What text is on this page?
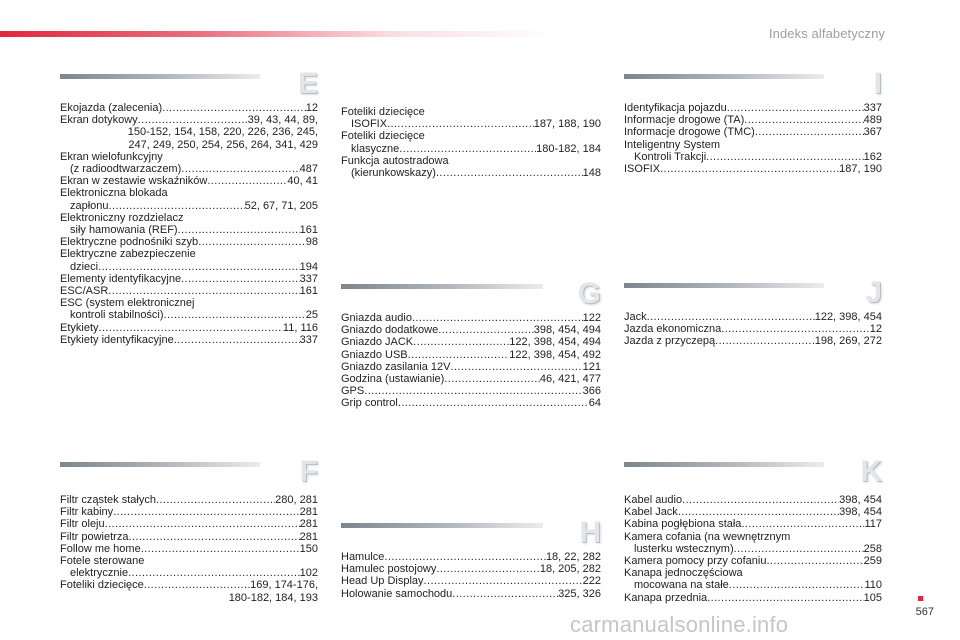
Indeks alfabetyczny
E
Ekojazda (zalecenia) .....	12
Ekran dotykowy .....	39, 43, 44, 89,
150-152, 154, 158, 220, 226, 236, 245,
247, 249, 250, 254, 256, 264, 341, 429
Ekran wielofunkcyjny
(z radioodtwarzaczem) .....	487
Ekran w zestawie wskaźników .....	40, 41
Elektroniczna blokada
zapłonu .....	52, 67, 71, 205
Elektroniczny rozdzielacz
siły hamowania (REF) .....	161
Elektryczne podnośniki szyb .....	98
Elektryczne zabezpieczenie
dzieci .....	194
Elementy identyfikacyjne .....	337
ESC/ASR .....	161
ESC (system elektronicznej
kontroli stabilności) .....	25
Etykiety .....	11, 116
Etykiety identyfikacyjne .....	337
F
Filtr cząstek stałych .....	280, 281
Filtr kabiny .....	281
Filtr oleju .....	281
Filtr powietrza .....	281
Follow me home .....	150
Fotele sterowane
elektrycznie .....	102
Foteliki dziecięce .....	169, 174-176,
180-182, 184, 193
Foteliki dziecięce
ISOFIX .....	187, 188, 190
Foteliki dziecięce
klasyczne .....	180-182, 184
Funkcja autostradowa
(kierunkowskazy) .....	148
G
Gniazda audio .....	122
Gniazdo dodatkowe .....	398, 454, 494
Gniazdo JACK .....	122, 398, 454, 494
Gniazdo USB .....	122, 398, 454, 492
Gniazdo zasilania 12V .....	121
Godzina (ustawianie) .....	46, 421, 477
GPS .....	366
Grip control .....	64
H
Hamulce .....	18, 22, 282
Hamulec postojowy .....	18, 205, 282
Head Up Display .....	222
Holowanie samochodu .....	325, 326
I
Identyfikacja pojazdu .....	337
Informacje drogowe (TA) .....	489
Informacje drogowe (TMC) .....	367
Inteligentny System
Kontroli Trakcji .....	162
ISOFIX .....	187, 190
J
Jack .....	122, 398, 454
Jazda ekonomiczna .....	12
Jazda z przyczepą .....	198, 269, 272
K
Kabel audio .....	398, 454
Kabel Jack .....	398, 454
Kabina pogłębiona stała .....	117
Kamera cofania (na wewnętrznym
lusterku wstecznym) .....	258
Kamera pomocy przy cofaniu .....	259
Kanapa jednoczęściowa
mocowana na stałe .....	110
Kanapa przednia .....	105
carmanualsonline.info	567
